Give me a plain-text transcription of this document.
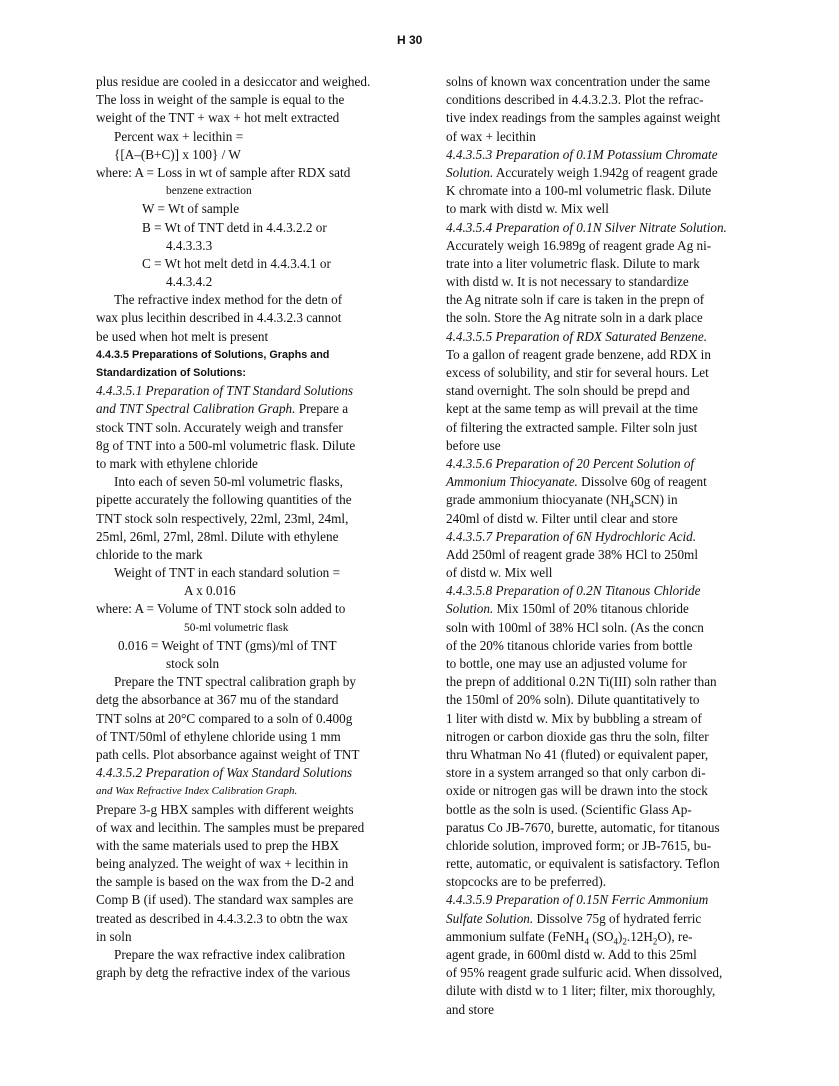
H 30
plus residue are cooled in a desiccator and weighed.
The loss in weight of the sample is equal to the
weight of the TNT + wax + hot melt extracted
Percent wax + lecithin =
{[A–(B+C)] x 100} / W
where: A = Loss in wt of sample after RDX satd
benzene extraction
W = Wt of sample
B = Wt of TNT detd in 4.4.3.2.2 or
4.4.3.3.3
C = Wt hot melt detd in 4.4.3.4.1 or
4.4.3.4.2
The refractive index method for the detn of
wax plus lecithin described in 4.4.3.2.3 cannot
be used when hot melt is present
4.4.3.5 Preparations of Solutions, Graphs and
Standardization of Solutions:
4.4.3.5.1 Preparation of TNT Standard Solutions
and TNT Spectral Calibration Graph. Prepare a
stock TNT soln. Accurately weigh and transfer
8g of TNT into a 500-ml volumetric flask. Dilute
to mark with ethylene chloride
Into each of seven 50-ml volumetric flasks,
pipette accurately the following quantities of the
TNT stock soln respectively, 22ml, 23ml, 24ml,
25ml, 26ml, 27ml, 28ml. Dilute with ethylene
chloride to the mark
Weight of TNT in each standard solution =
A x 0.016
where: A = Volume of TNT stock soln added to
50-ml volumetric flask
0.016 = Weight of TNT (gms)/ml of TNT
stock soln
Prepare the TNT spectral calibration graph by
detg the absorbance at 367 mu of the standard
TNT solns at 20°C compared to a soln of 0.400g
of TNT/50ml of ethylene chloride using 1 mm
path cells. Plot absorbance against weight of TNT
4.4.3.5.2 Preparation of Wax Standard Solutions
and Wax Refractive Index Calibration Graph.
Prepare 3-g HBX samples with different weights
of wax and lecithin. The samples must be prepared
with the same materials used to prep the HBX
being analyzed. The weight of wax + lecithin in
the sample is based on the wax from the D-2 and
Comp B (if used). The standard wax samples are
treated as described in 4.4.3.2.3 to obtn the wax
in soln
Prepare the wax refractive index calibration
graph by detg the refractive index of the various
solns of known wax concentration under the same
conditions described in 4.4.3.2.3. Plot the refrac-
tive index readings from the samples against weight
of wax + lecithin
4.4.3.5.3 Preparation of 0.1M Potassium Chromate
Solution. Accurately weigh 1.942g of reagent grade
K chromate into a 100-ml volumetric flask. Dilute
to mark with distd w. Mix well
4.4.3.5.4 Preparation of 0.1N Silver Nitrate Solution.
Accurately weigh 16.989g of reagent grade Ag ni-
trate into a liter volumetric flask. Dilute to mark
with distd w. It is not necessary to standardize
the Ag nitrate soln if care is taken in the prepn of
the soln. Store the Ag nitrate soln in a dark place
4.4.3.5.5 Preparation of RDX Saturated Benzene.
To a gallon of reagent grade benzene, add RDX in
excess of solubility, and stir for several hours. Let
stand overnight. The soln should be prepd and
kept at the same temp as will prevail at the time
of filtering the extracted sample. Filter soln just
before use
4.4.3.5.6 Preparation of 20 Percent Solution of
Ammonium Thiocyanate. Dissolve 60g of reagent
grade ammonium thiocyanate $(NH_4SCN)$ in
240ml of distd w. Filter until clear and store
4.4.3.5.7 Preparation of 6N Hydrochloric Acid.
Add 250ml of reagent grade 38% HCl to 250ml
of distd w. Mix well
4.4.3.5.8 Preparation of 0.2N Titanous Chloride
Solution. Mix 150ml of 20% titanous chloride
soln with 100ml of 38% HCl soln. (As the concn
of the 20% titanous chloride varies from bottle
to bottle, one may use an adjusted volume for
the prepn of additional 0.2N Ti(III) soln rather than
the 150ml of 20% soln). Dilute quantitatively to
1 liter with distd w. Mix by bubbling a stream of
nitrogen or carbon dioxide gas thru the soln, filter
thru Whatman No 41 (fluted) or equivalent paper,
store in a system arranged so that only carbon di-
oxide or nitrogen gas will be drawn into the stock
bottle as the soln is used. (Scientific Glass Ap-
paratus Co JB-7670, burette, automatic, for titanous
chloride solution, improved form; or JB-7615, bu-
rette, automatic, or equivalent is satisfactory. Teflon
stopcocks are to be preferred).
4.4.3.5.9 Preparation of 0.15N Ferric Ammonium
Sulfate Solution. Dissolve 75g of hydrated ferric
ammonium sulfate (FeNH$_4$ $(SO_4)_2.12H_2O$), re-
agent grade, in 600ml distd w. Add to this 25ml
of 95% reagent grade sulfuric acid. When dissolved,
dilute with distd w to 1 liter; filter, mix thoroughly,
and store
